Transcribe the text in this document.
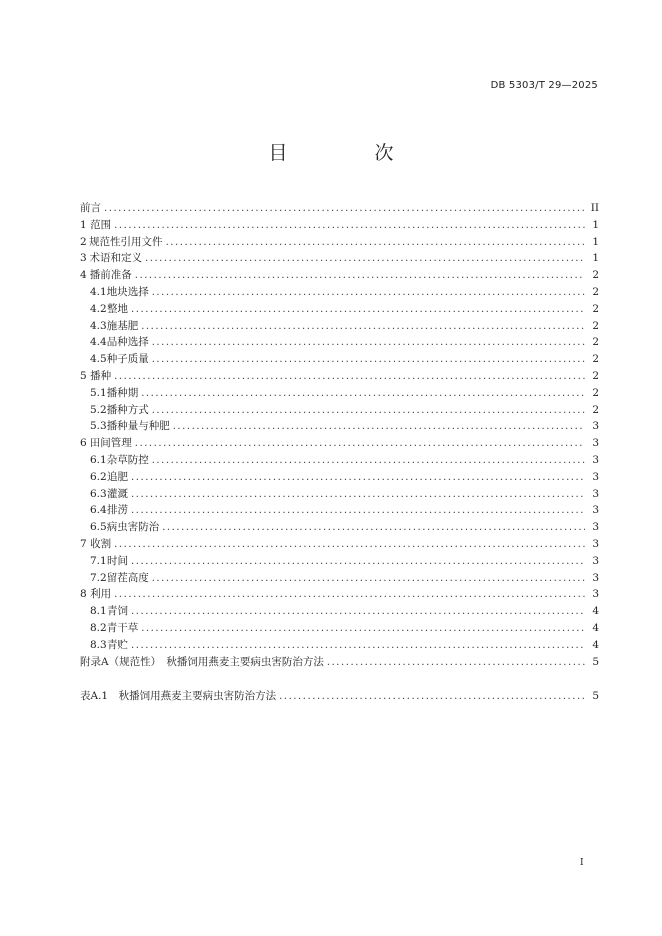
DB 5303/T 29—2025
目　次
前言 .....	II
1 范围 .....	1
2 规范性引用文件 .....	1
3 术语和定义 .....	1
4 播前准备 .....	2
4.1 地块选择 .....	2
4.2 整地 .....	2
4.3 施基肥 .....	2
4.4 品种选择 .....	2
4.5 种子质量 .....	2
5 播种 .....	2
5.1 播种期 .....	2
5.2 播种方式 .....	2
5.3 播种量与种肥 .....	3
6 田间管理 .....	3
6.1 杂草防控 .....	3
6.2 追肥 .....	3
6.3 灌溉 .....	3
6.4 排涝 .....	3
6.5 病虫害防治 .....	3
7 收割 .....	3
7.1 时间 .....	3
7.2 留茬高度 .....	3
8 利用 .....	3
8.1 青饲 .....	4
8.2 青干草 .....	4
8.3 青贮 .....	4
附录A（规范性）　秋播饲用燕麦主要病虫害防治方法 .....	5
表A.1　秋播饲用燕麦主要病虫害防治方法 .....	5
I
